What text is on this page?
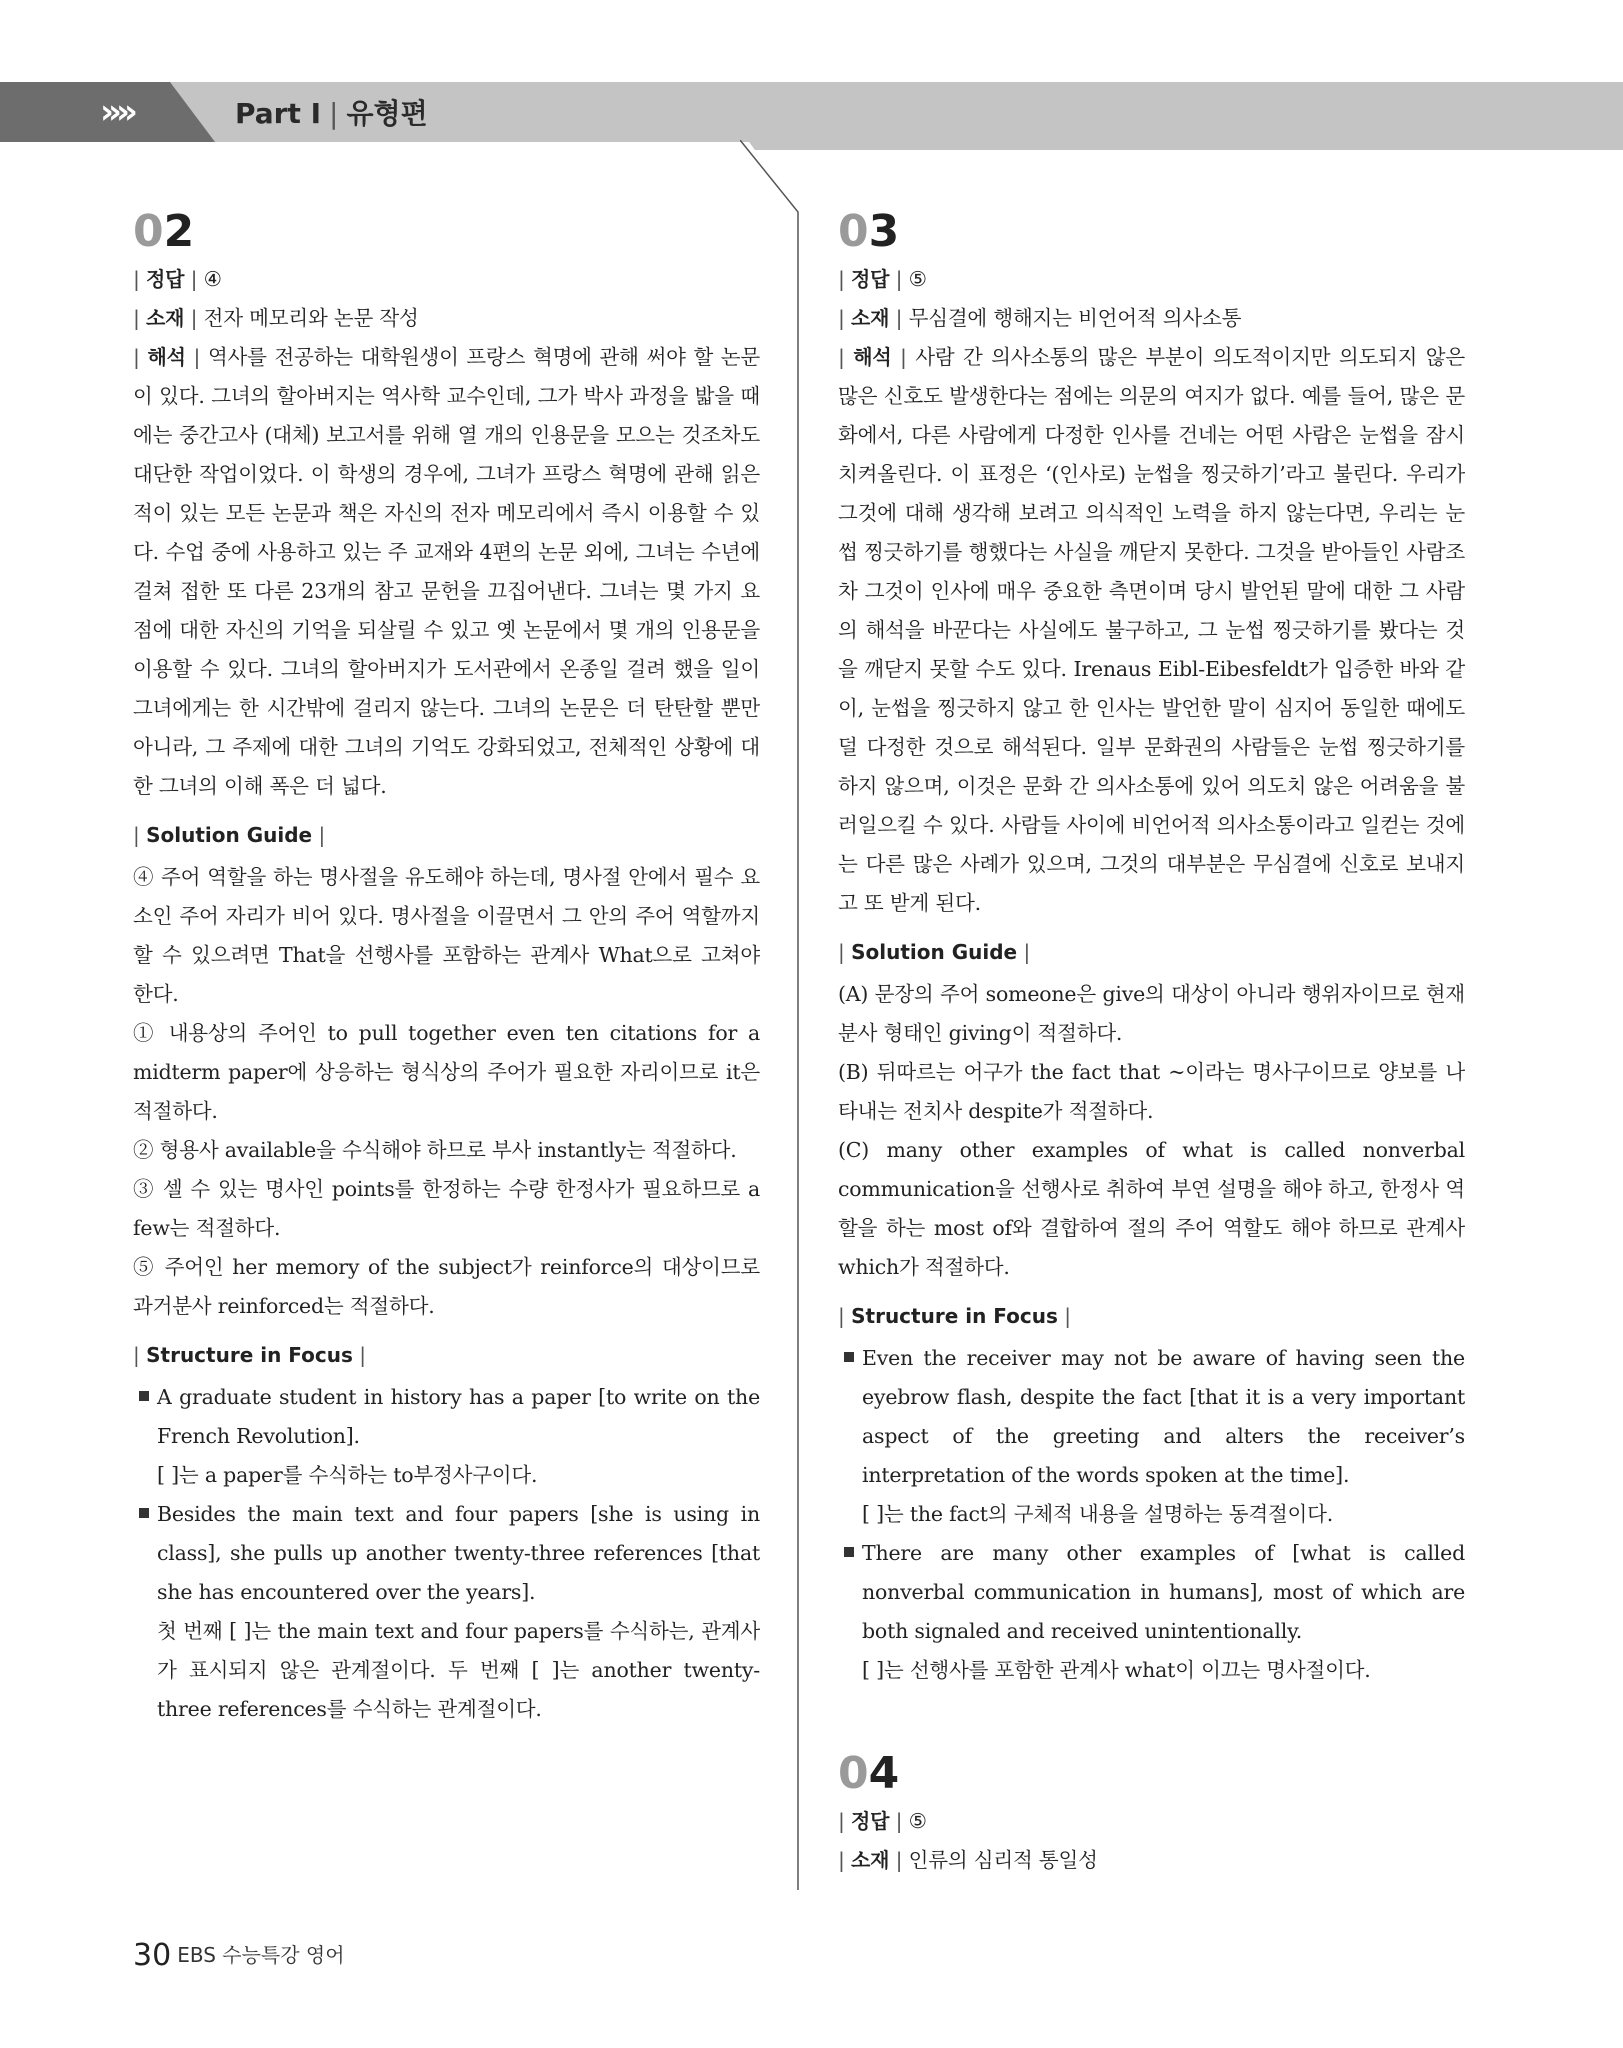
»»	Part Ⅰ | 유형편
02

| 정답 | ④

| 소재 | 전자 메모리와 논문 작성

| 해석 | 역사를 전공하는 대학원생이 프랑스 혁명에 관해 써야 할 논문이 있다. 그녀의 할아버지는 역사학 교수인데, 그가 박사 과정을 밟을 때에는 중간고사 (대체) 보고서를 위해 열 개의 인용문을 모으는 것조차도 대단한 작업이었다. 이 학생의 경우에, 그녀가 프랑스 혁명에 관해 읽은 적이 있는 모든 논문과 책은 자신의 전자 메모리에서 즉시 이용할 수 있다. 수업 중에 사용하고 있는 주 교재와 4편의 논문 외에, 그녀는 수년에 걸쳐 접한 또 다른 23개의 참고 문헌을 끄집어낸다. 그녀는 몇 가지 요점에 대한 자신의 기억을 되살릴 수 있고 옛 논문에서 몇 개의 인용문을 이용할 수 있다. 그녀의 할아버지가 도서관에서 온종일 걸려 했을 일이 그녀에게는 한 시간밖에 걸리지 않는다. 그녀의 논문은 더 탄탄할 뿐만 아니라, 그 주제에 대한 그녀의 기억도 강화되었고, 전체적인 상황에 대한 그녀의 이해 폭은 더 넓다.

| Solution Guide |

④ 주어 역할을 하는 명사절을 유도해야 하는데, 명사절 안에서 필수 요소인 주어 자리가 비어 있다. 명사절을 이끌면서 그 안의 주어 역할까지 할 수 있으려면 That을 선행사를 포함하는 관계사 What으로 고쳐야 한다.

① 내용상의 주어인 to pull together even ten citations for a midterm paper에 상응하는 형식상의 주어가 필요한 자리이므로 it은 적절하다.

② 형용사 available을 수식해야 하므로 부사 instantly는 적절하다.

③ 셀 수 있는 명사인 points를 한정하는 수량 한정사가 필요하므로 a few는 적절하다.

⑤ 주어인 her memory of the subject가 reinforce의 대상이므로 과거분사 reinforced는 적절하다.

| Structure in Focus |

A graduate student in history has a paper [to write on the French Revolution].

[ ]는 a paper를 수식하는 to부정사구이다.

Besides the main text and four papers [she is using in class], she pulls up another twenty-three references [that she has encountered over the years].

첫 번째 [ ]는 the main text and four papers를 수식하는, 관계사가 표시되지 않은 관계절이다. 두 번째 [ ]는 another twenty-three references를 수식하는 관계절이다.

03

| 정답 | ⑤

| 소재 | 무심결에 행해지는 비언어적 의사소통

| 해석 | 사람 간 의사소통의 많은 부분이 의도적이지만 의도되지 않은 많은 신호도 발생한다는 점에는 의문의 여지가 없다. 예를 들어, 많은 문화에서, 다른 사람에게 다정한 인사를 건네는 어떤 사람은 눈썹을 잠시 치켜올린다. 이 표정은 ‘(인사로) 눈썹을 찡긋하기’라고 불린다. 우리가 그것에 대해 생각해 보려고 의식적인 노력을 하지 않는다면, 우리는 눈썹 찡긋하기를 행했다는 사실을 깨닫지 못한다. 그것을 받아들인 사람조차 그것이 인사에 매우 중요한 측면이며 당시 발언된 말에 대한 그 사람의 해석을 바꾼다는 사실에도 불구하고, 그 눈썹 찡긋하기를 봤다는 것을 깨닫지 못할 수도 있다. Irenaus Eibl-Eibesfeldt가 입증한 바와 같이, 눈썹을 찡긋하지 않고 한 인사는 발언한 말이 심지어 동일한 때에도 덜 다정한 것으로 해석된다. 일부 문화권의 사람들은 눈썹 찡긋하기를 하지 않으며, 이것은 문화 간 의사소통에 있어 의도치 않은 어려움을 불러일으킬 수 있다. 사람들 사이에 비언어적 의사소통이라고 일컫는 것에는 다른 많은 사례가 있으며, 그것의 대부분은 무심결에 신호로 보내지고 또 받게 된다.

| Solution Guide |

(A) 문장의 주어 someone은 give의 대상이 아니라 행위자이므로 현재분사 형태인 giving이 적절하다.

(B) 뒤따르는 어구가 the fact that ~이라는 명사구이므로 양보를 나타내는 전치사 despite가 적절하다.

(C) many other examples of what is called nonverbal communication을 선행사로 취하여 부연 설명을 해야 하고, 한정사 역할을 하는 most of와 결합하여 절의 주어 역할도 해야 하므로 관계사 which가 적절하다.

| Structure in Focus |

Even the receiver may not be aware of having seen the eyebrow flash, despite the fact [that it is a very important aspect of the greeting and alters the receiver’s interpretation of the words spoken at the time].

[ ]는 the fact의 구체적 내용을 설명하는 동격절이다.

There are many other examples of [what is called nonverbal communication in humans], most of which are both signaled and received unintentionally.

[ ]는 선행사를 포함한 관계사 what이 이끄는 명사절이다.

04

| 정답 | ⑤

| 소재 | 인류의 심리적 통일성

30 EBS 수능특강 영어
